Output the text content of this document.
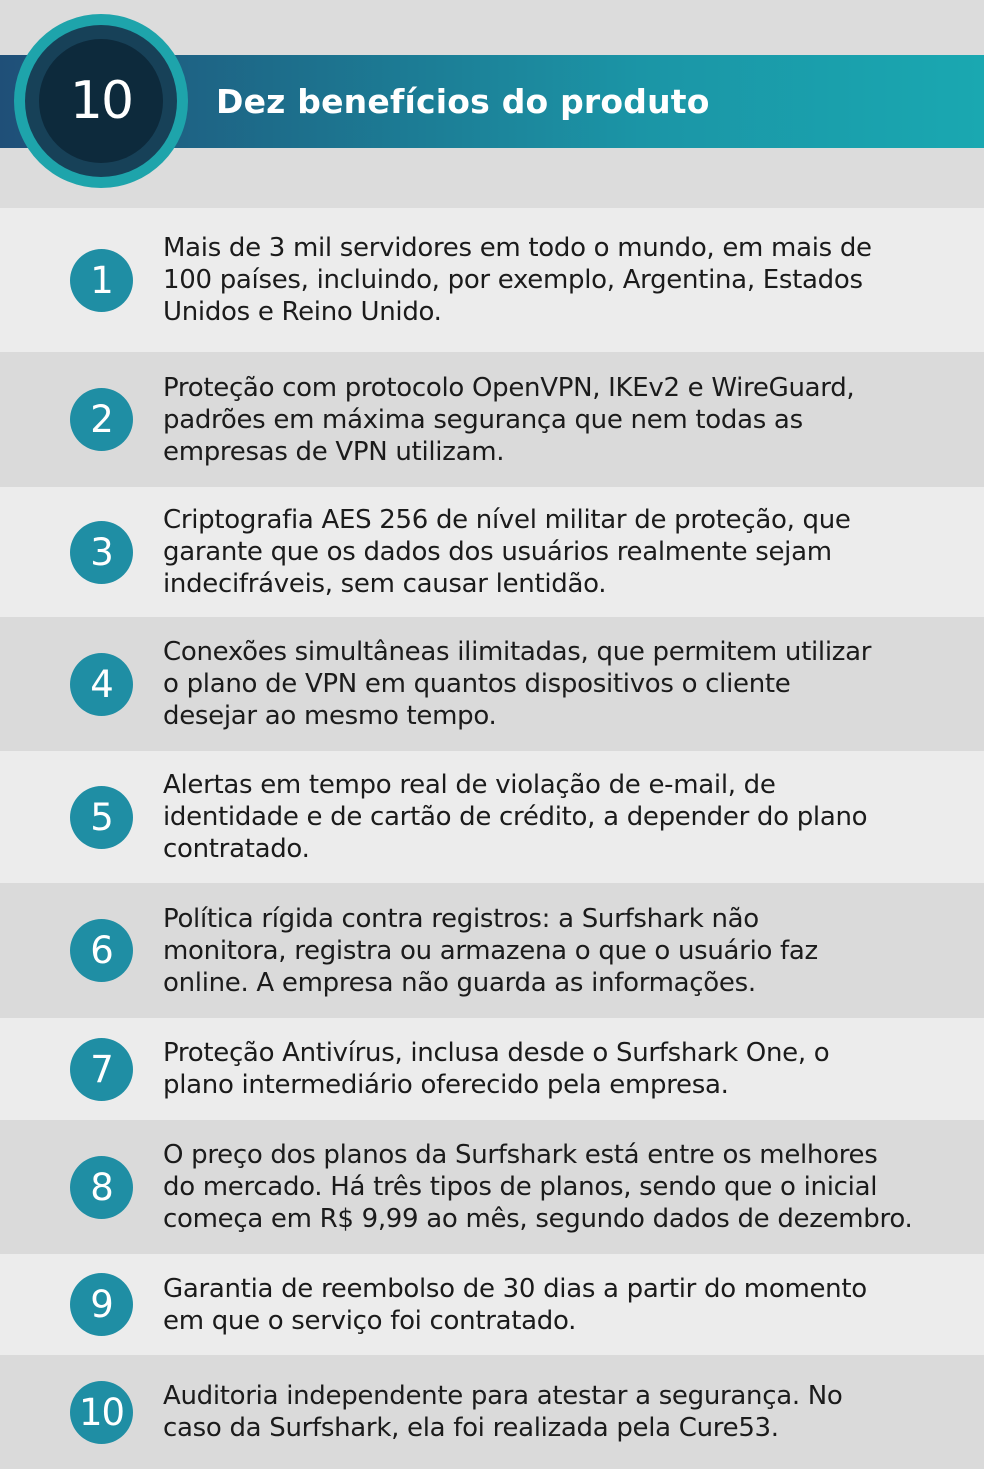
Dez benefícios do produto
10
1

Mais de 3 mil servidores em todo o mundo, em mais de
100 países, incluindo, por exemplo, Argentina, Estados
Unidos e Reino Unido.

2

Proteção com protocolo OpenVPN, IKEv2 e WireGuard,
padrões em máxima segurança que nem todas as
empresas de VPN utilizam.

3

Criptografia AES 256 de nível militar de proteção, que
garante que os dados dos usuários realmente sejam
indecifráveis, sem causar lentidão.

4

Conexões simultâneas ilimitadas, que permitem utilizar
o plano de VPN em quantos dispositivos o cliente
desejar ao mesmo tempo.

5

Alertas em tempo real de violação de e-mail, de
identidade e de cartão de crédito, a depender do plano
contratado.

6

Política rígida contra registros: a Surfshark não
monitora, registra ou armazena o que o usuário faz
online. A empresa não guarda as informações.

7	Proteção Antivírus, inclusa desde o Surfshark One, o
plano intermediário oferecido pela empresa.

8

O preço dos planos da Surfshark está entre os melhores
do mercado. Há três tipos de planos, sendo que o inicial
começa em R$ 9,99 ao mês, segundo dados de dezembro.

9	Garantia de reembolso de 30 dias a partir do momento
em que o serviço foi contratado.

10	Auditoria independente para atestar a segurança. No
caso da Surfshark, ela foi realizada pela Cure53.
